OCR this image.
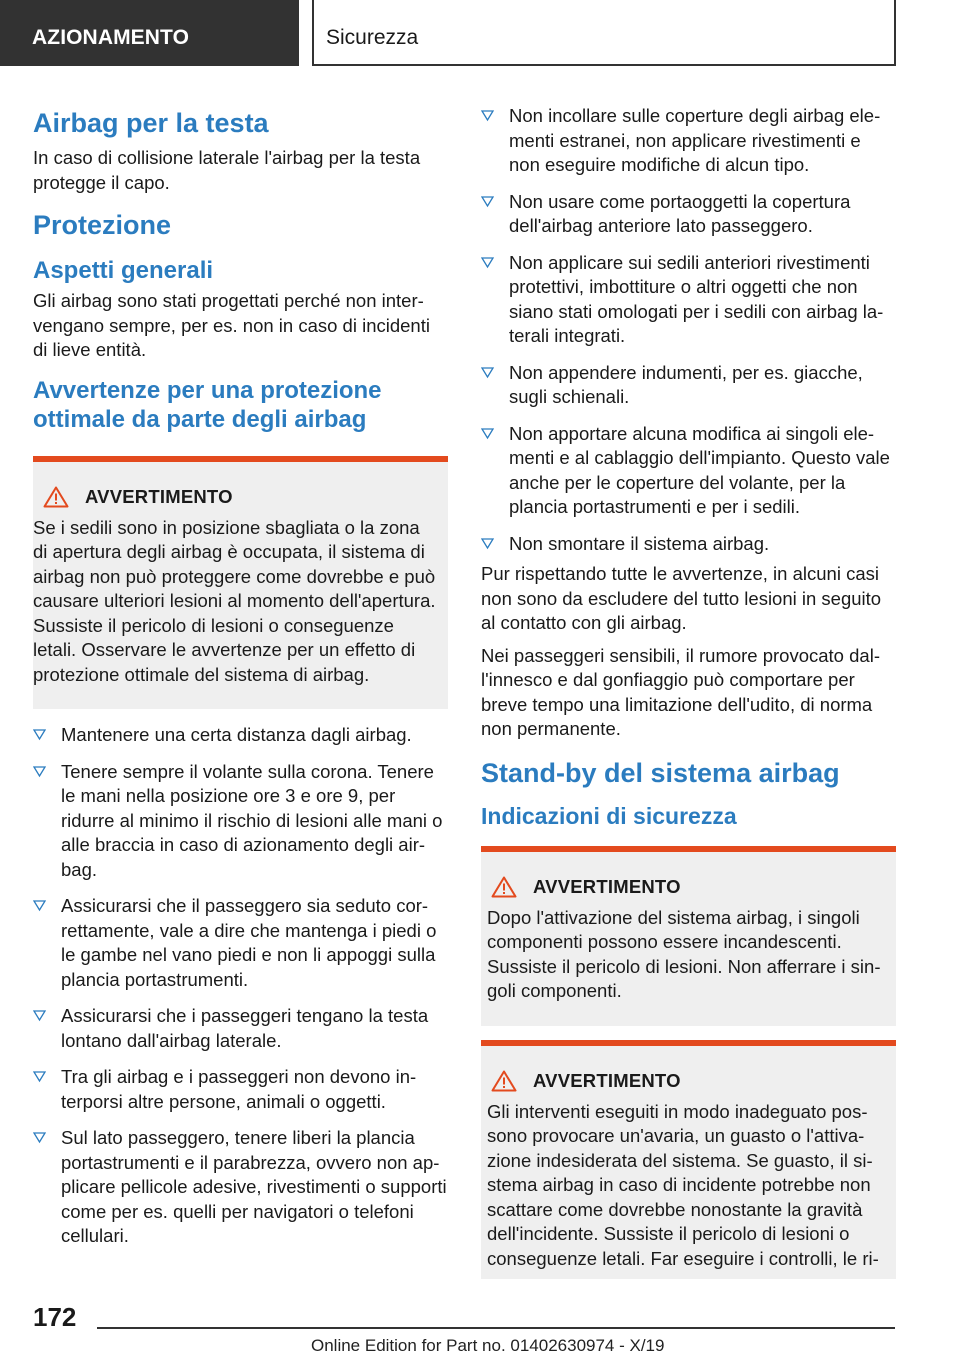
AZIONAMENTO	Sicurezza
Airbag per la testa

In caso di collisione laterale l'airbag per la testa protegge il capo.

Protezione
Aspetti generali

Gli airbag sono stati progettati perché non intervengano sempre, per es. non in caso di incidenti di lieve entità.

Avvertenze per una protezione ottimale da parte degli airbag
AVVERTIMENTO

Se i sedili sono in posizione sbagliata o la zona di apertura degli airbag è occupata, il sistema di airbag non può proteggere come dovrebbe e può causare ulteriori lesioni al momento dell'apertura. Sussiste il pericolo di lesioni o conseguenze letali. Osservare le avvertenze per un effetto di protezione ottimale del sistema di airbag.

Mantenere una certa distanza dagli airbag.
Tenere sempre il volante sulla corona. Tenere le mani nella posizione ore 3 e ore 9, per ridurre al minimo il rischio di lesioni alle mani o alle braccia in caso di azionamento degli airbag.
Assicurarsi che il passeggero sia seduto correttamente, vale a dire che mantenga i piedi o le gambe nel vano piedi e non li appoggi sulla plancia portastrumenti.
Assicurarsi che i passeggeri tengano la testa lontano dall'airbag laterale.
Tra gli airbag e i passeggeri non devono interporsi altre persone, animali o oggetti.
Sul lato passeggero, tenere liberi la plancia portastrumenti e il parabrezza, ovvero non applicare pellicole adesive, rivestimenti o supporti come per es. quelli per navigatori o telefoni cellulari.
Non incollare sulle coperture degli airbag elementi estranei, non applicare rivestimenti e non eseguire modifiche di alcun tipo.
Non usare come portaoggetti la copertura dell'airbag anteriore lato passeggero.
Non applicare sui sedili anteriori rivestimenti protettivi, imbottiture o altri oggetti che non siano stati omologati per i sedili con airbag laterali integrati.
Non appendere indumenti, per es. giacche, sugli schienali.
Non apportare alcuna modifica ai singoli elementi e al cablaggio dell'impianto. Questo vale anche per le coperture del volante, per la plancia portastrumenti e per i sedili.
Non smontare il sistema airbag.

Pur rispettando tutte le avvertenze, in alcuni casi non sono da escludere del tutto lesioni in seguito al contatto con gli airbag.

Nei passeggeri sensibili, il rumore provocato dall'innesco e dal gonfiaggio può comportare per breve tempo una limitazione dell'udito, di norma non permanente.

Stand-by del sistema airbag
Indicazioni di sicurezza
AVVERTIMENTO

Dopo l'attivazione del sistema airbag, i singoli componenti possono essere incandescenti. Sussiste il pericolo di lesioni. Non afferrare i singoli componenti.

AVVERTIMENTO

Gli interventi eseguiti in modo inadeguato possono provocare un'avaria, un guasto o l'attivazione indesiderata del sistema. Se guasto, il sistema airbag in caso di incidente potrebbe non scattare come dovrebbe nonostante la gravità dell'incidente. Sussiste il pericolo di lesioni o conseguenze letali. Far eseguire i controlli, le ri-

172
Online Edition for Part no. 01402630974 - X/19
